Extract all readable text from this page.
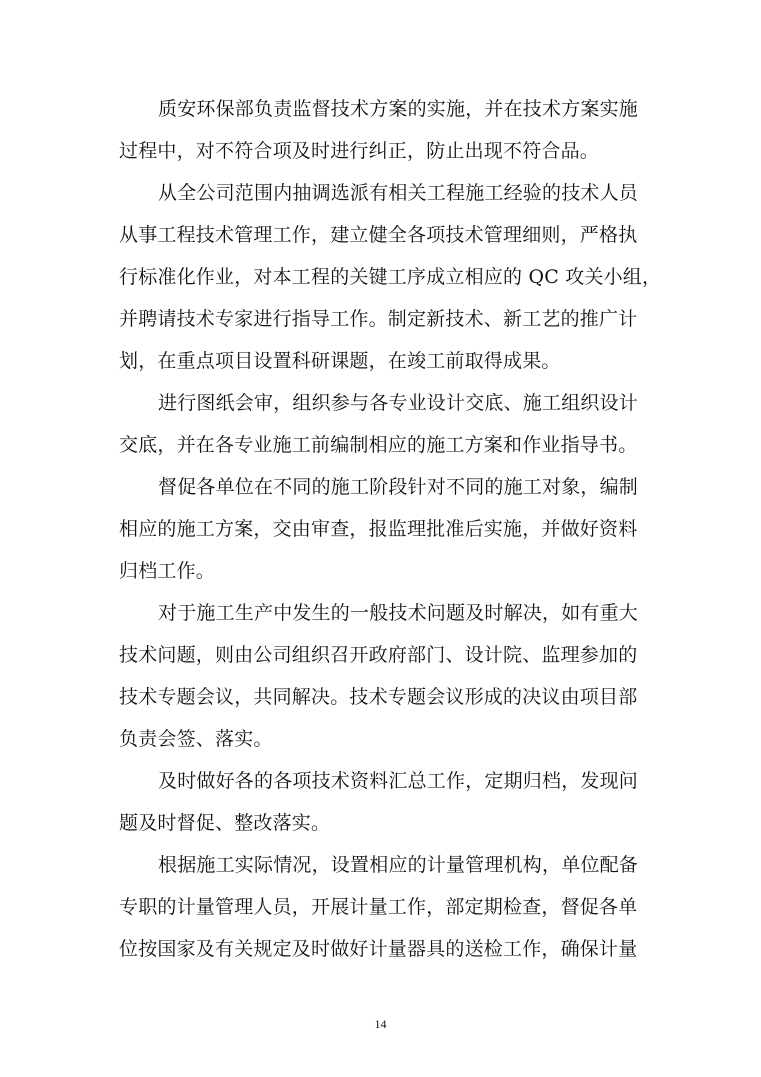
质安环保部负责监督技术方案的实施，并在技术方案实施
过程中，对不符合项及时进行纠正，防止出现不符合品。
从全公司范围内抽调选派有相关工程施工经验的技术人员
从事工程技术管理工作，建立健全各项技术管理细则，严格执
行标准化作业，对本工程的关键工序成立相应的 QC 攻关小组，
并聘请技术专家进行指导工作。制定新技术、新工艺的推广计
划，在重点项目设置科研课题，在竣工前取得成果。
进行图纸会审，组织参与各专业设计交底、施工组织设计
交底，并在各专业施工前编制相应的施工方案和作业指导书。
督促各单位在不同的施工阶段针对不同的施工对象，编制
相应的施工方案，交由审查，报监理批准后实施，并做好资料
归档工作。
对于施工生产中发生的一般技术问题及时解决，如有重大
技术问题，则由公司组织召开政府部门、设计院、监理参加的
技术专题会议，共同解决。技术专题会议形成的决议由项目部
负责会签、落实。
及时做好各的各项技术资料汇总工作，定期归档，发现问
题及时督促、整改落实。
根据施工实际情况，设置相应的计量管理机构，单位配备
专职的计量管理人员，开展计量工作，部定期检查，督促各单
位按国家及有关规定及时做好计量器具的送检工作，确保计量
14
